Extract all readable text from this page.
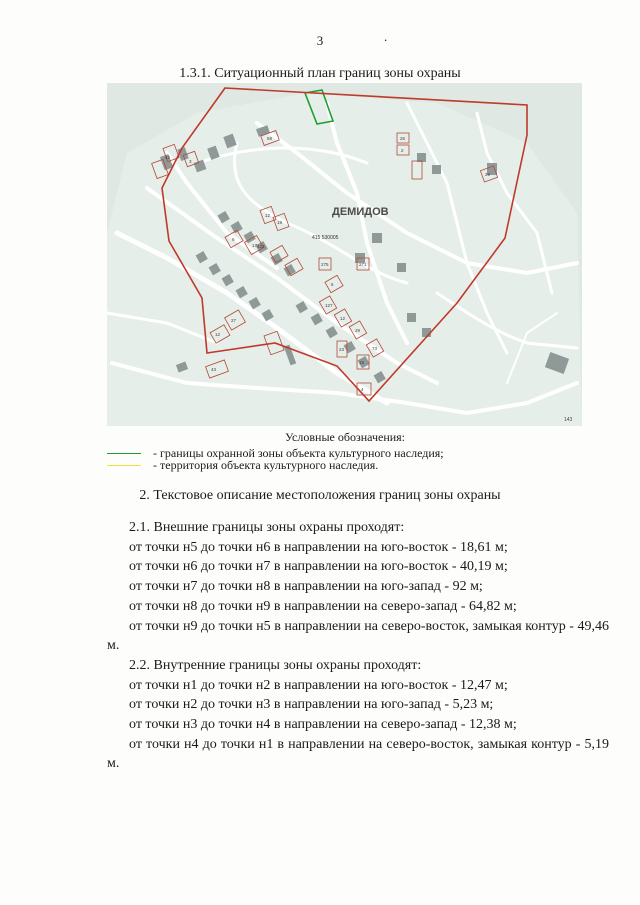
3	.
1.3.1. Ситуационный план границ зоны охраны
ДЕМИДОВ
415 530005
143
42
3
58	26
2
29
12
19
6
17 423
275	271
6
127
12
29
73
27
12
23
15
43
4
Условные обозначения:
- границы охранной зоны объекта культурного наследия;
- территория объекта культурного наследия.
2. Текстовое описание местоположения границ зоны охраны

2.1. Внешние границы зоны охраны проходят:

от точки н5 до точки н6 в направлении на юго-восток - 18,61 м;

от точки н6 до точки н7 в направлении на юго-восток - 40,19 м;

от точки н7 до точки н8 в направлении на юго-запад - 92 м;

от точки н8 до точки н9 в направлении на северо-запад - 64,82 м;

от точки н9 до точки н5 в направлении на северо-восток, замыкая контур - 49,46 м.

2.2. Внутренние границы зоны охраны проходят:

от точки н1 до точки н2 в направлении на юго-восток - 12,47 м;

от точки н2 до точки н3 в направлении на юго-запад - 5,23 м;

от точки н3 до точки н4 в направлении на северо-запад - 12,38 м;

от точки н4 до точки н1 в направлении на северо-восток, замыкая контур - 5,19 м.
